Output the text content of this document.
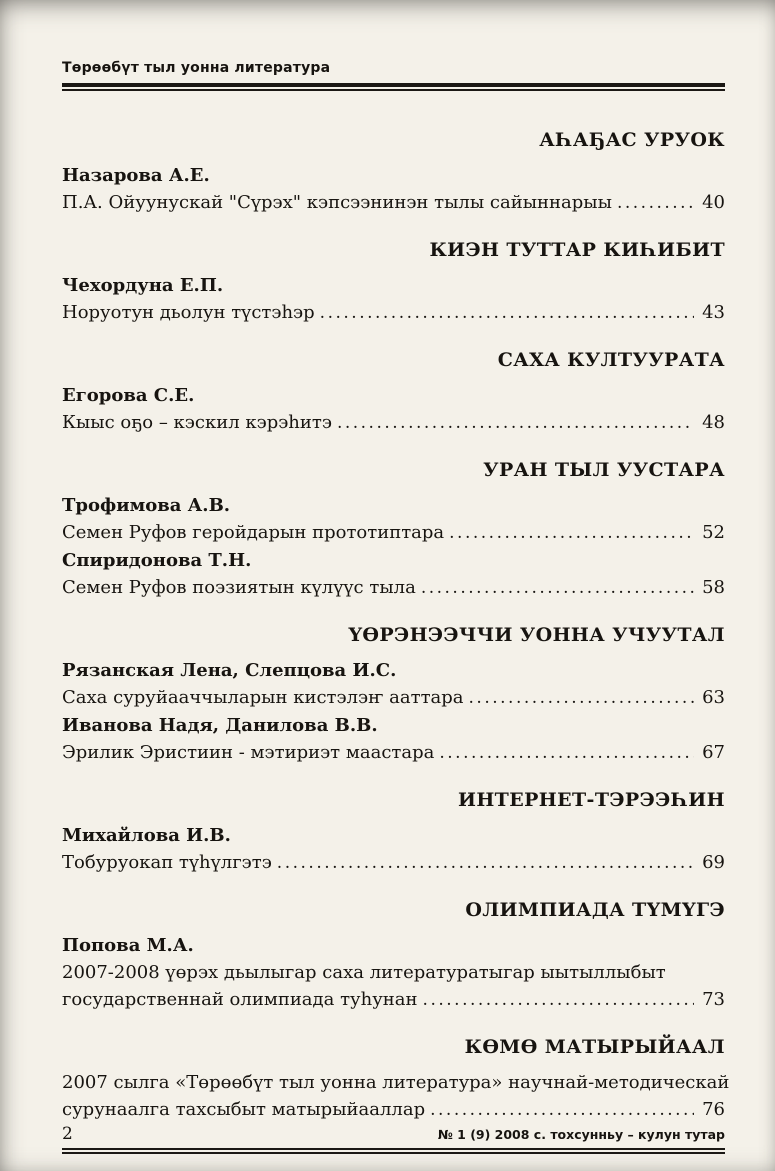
Төрөөбүт тыл уонна литература
АҺАҔАС УРУОК
Назарова А.Е.
П.А. Ойуунускай "Сүрэх" кэпсээнинэн тылы сайыннарыы .....	40
КИЭН ТУТТАР КИҺИБИТ
Чехордуна Е.П.
Норуотун дьолун түстэһэр .....	43
САХА КУЛТУУРАТА
Егорова С.Е.
Кыыс оҕо – кэскил кэрэһитэ .....	48
УРАН ТЫЛ УУСТАРА
Трофимова А.В.
Семен Руфов геройдарын прототиптара .....	52
Спиридонова Т.Н.
Семен Руфов поэзиятын күлүүс тыла .....	58
ҮӨРЭНЭЭЧЧИ УОННА УЧУУТАЛ
Рязанская Лена, Слепцова И.С.
Саха суруйааччыларын кистэлэҥ ааттара .....	63
Иванова Надя, Данилова В.В.
Эрилик Эристиин - мэтириэт маастара .....	67
ИНТЕРНЕТ-ТЭРЭЭҺИН
Михайлова И.В.
Тобуруокап түһүлгэтэ .....	69
ОЛИМПИАДА ТҮМҮГЭ
Попова М.А.
2007-2008 үөрэх дьылыгар саха литературатыгар ыытыллыбыт
государственнай олимпиада туһунан .....	73
КӨМӨ МАТЫРЫЙААЛ
2007 сылга «Төрөөбүт тыл уонна литература» научнай-методическай
сурунаалга тахсыбыт матырыйааллар .....	76
2	№ 1 (9) 2008 с. тохсунньу – кулун тутар
